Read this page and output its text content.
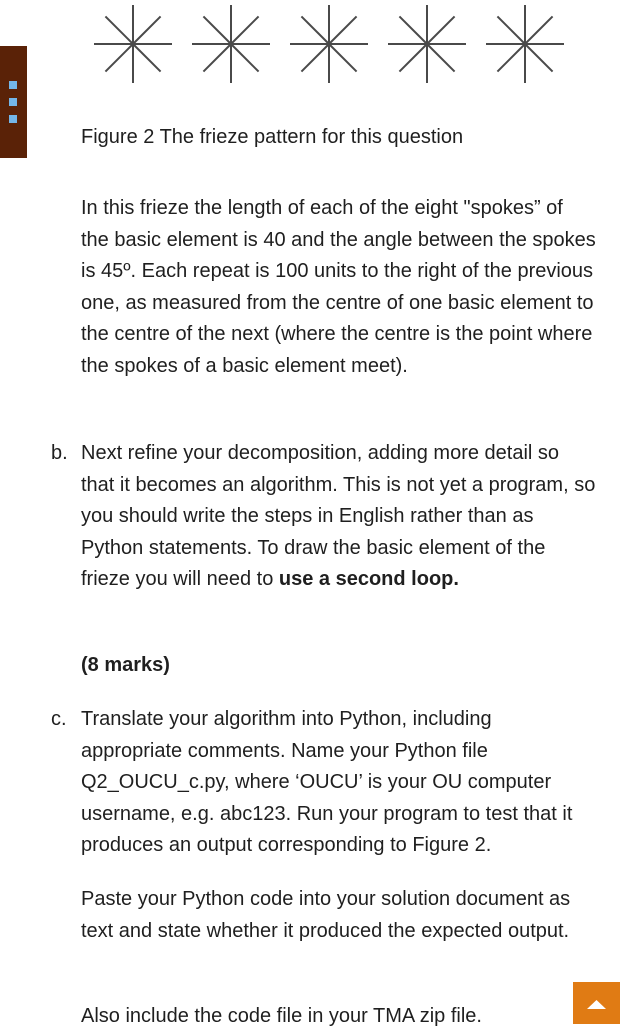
Figure 2 The frieze pattern for this question
In this frieze the length of each of the eight "spokes” of the basic element is 40 and the angle between the spokes is 45º. Each repeat is 100 units to the right of the previous one, as measured from the centre of one basic element to the centre of the next (where the centre is the point where the spokes of a basic element meet).
b. Next refine your decomposition, adding more detail so that it becomes an algorithm. This is not yet a program, so you should write the steps in English rather than as Python statements. To draw the basic element of the frieze you will need to use a second loop.
(8 marks)
c. Translate your algorithm into Python, including appropriate comments. Name your Python file Q2_OUCU_c.py, where ‘OUCU’ is your OU computer username, e.g. abc123. Run your program to test that it produces an output corresponding to Figure 2.
Paste your Python code into your solution document as text and state whether it produced the expected output.
Also include the code file in your TMA zip file.
